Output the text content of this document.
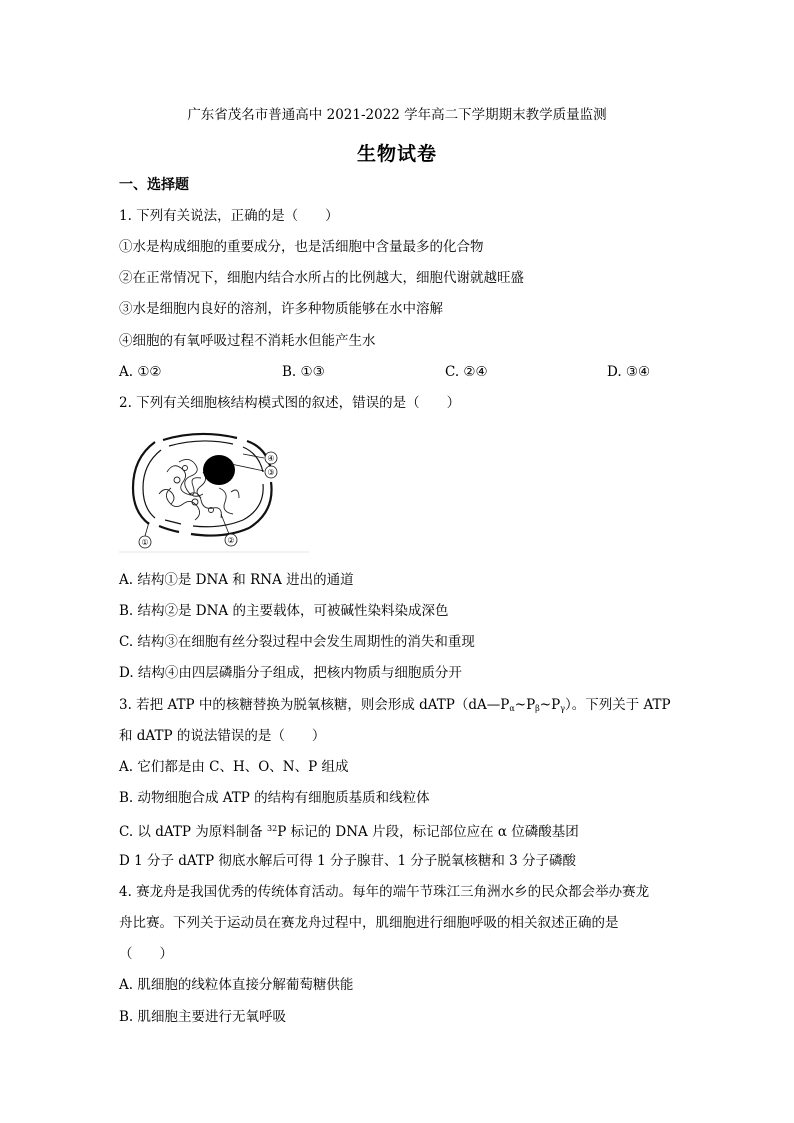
广东省茂名市普通高中 2021-2022 学年高二下学期期末教学质量监测
生物试卷
一、选择题
1. 下列有关说法，正确的是（　　）
①水是构成细胞的重要成分，也是活细胞中含量最多的化合物
②在正常情况下，细胞内结合水所占的比例越大，细胞代谢就越旺盛
③水是细胞内良好的溶剂，许多种物质能够在水中溶解
④细胞的有氧呼吸过程不消耗水但能产生水
A. ①②	B. ①③	C. ②④	D. ③④
2. 下列有关细胞核结构模式图的叙述，错误的是（　　）
④
③
①	②
A. 结构①是 DNA 和 RNA 进出的通道
B. 结构②是 DNA 的主要载体，可被碱性染料染成深色
C. 结构③在细胞有丝分裂过程中会发生周期性的消失和重现
D. 结构④由四层磷脂分子组成，把核内物质与细胞质分开
3. 若把 ATP 中的核糖替换为脱氧核糖，则会形成 $dATP(dA—P_\alpha\sim P_\beta\sim P_\gamma)$。下列关于 ATP
和 dATP 的说法错误的是（　　）
A. 它们都是由 C、H、O、N、P 组成
B. 动物细胞合成 ATP 的结构有细胞质基质和线粒体
C. 以 dATP 为原料制备 $^{32}$P 标记的 DNA 片段，标记部位应在 α 位磷酸基团
D 1 分子 dATP 彻底水解后可得 1 分子腺苷、1 分子脱氧核糖和 3 分子磷酸
4. 赛龙舟是我国优秀的传统体育活动。每年的端午节珠江三角洲水乡的民众都会举办赛龙
舟比赛。下列关于运动员在赛龙舟过程中，肌细胞进行细胞呼吸的相关叙述正确的是
（　　）
A. 肌细胞的线粒体直接分解葡萄糖供能
B. 肌细胞主要进行无氧呼吸
